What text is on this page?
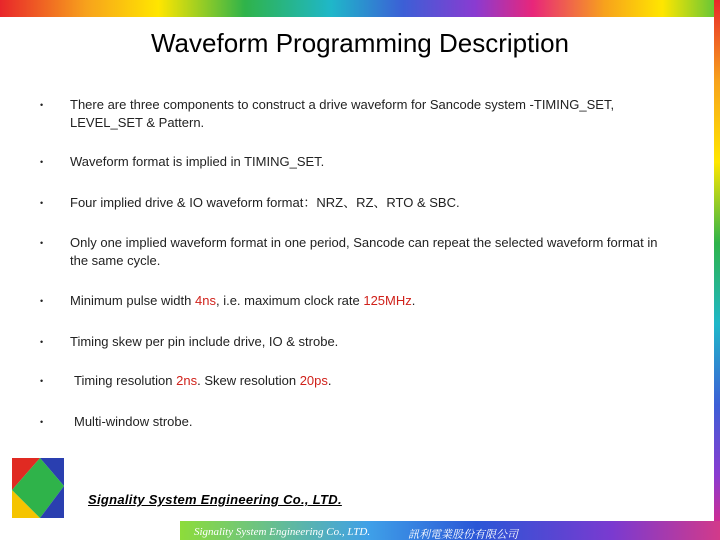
Waveform Programming Description
• There are three components to construct a drive waveform for Sancode system -TIMING_SET, LEVEL_SET & Pattern.
• Waveform format is implied in TIMING_SET.
• Four implied drive & IO waveform format：NRZ、RZ、RTO & SBC.
• Only one implied waveform format in one period, Sancode can repeat the selected waveform format in the same cycle.
• Minimum pulse width 4ns, i.e. maximum clock rate 125MHz.
• Timing skew per pin include drive, IO & strobe.
• Timing resolution 2ns. Skew resolution 20ps.
• Multi-window strobe.
Signality System Engineering Co., LTD.
Signality System Engineering Co., LTD.	訊利電業股份有限公司
